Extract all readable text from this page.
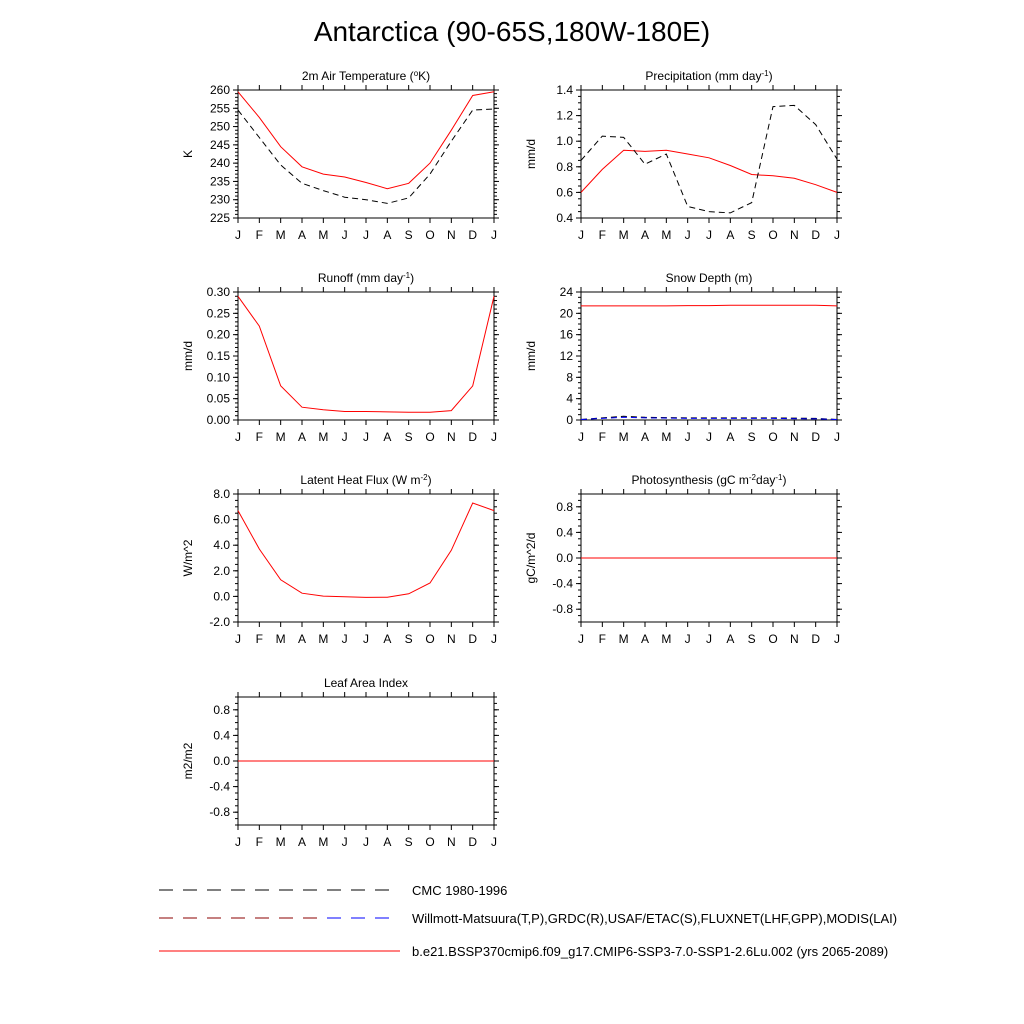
Antarctica (90-65S,180W-180E)
2m Air Temperature ($^o$K)
K
260
255
250
245
240
235
230
225
J F M A M J J A S O N D J
Precipitation (mm day$^{-1}$)
mm/d
1.4
1.2
1.0
0.8
0.6
0.4
J F M A M J J A S O N D J
Runoff (mm day$^{-1}$)
mm/d
0.30
0.25
0.20
0.15
0.10
0.05
0.00
J F M A M J J A S O N D J
Snow Depth (m)
mm/d
24
20
16
12
8
4
0
J F M A M J J A S O N D J
Latent Heat Flux (W $m^{-2}$)
W/m^2
8.0
6.0
4.0
2.0
0.0
-2.0
J F M A M J J A S O N D J
Photosynthesis (gC $m^{-2}day^{-1}$)
gC/m^2/d
0.8
0.4
0.0
-0.4
-0.8
J F M A M J J A S O N D J
Leaf Area Index
m2/m2
0.8
0.4
0.0
-0.4
-0.8
J F M A M J J A S O N D J
CMC 1980-1996
Willmott-Matsuura(T,P),GRDC(R),USAF/ETAC(S),FLUXNET(LHF,GPP),MODIS(LAI)
b.e21.BSSP370cmip6.f09_g17.CMIP6-SSP3-7.0-SSP1-2.6Lu.002 (yrs 2065-2089)
